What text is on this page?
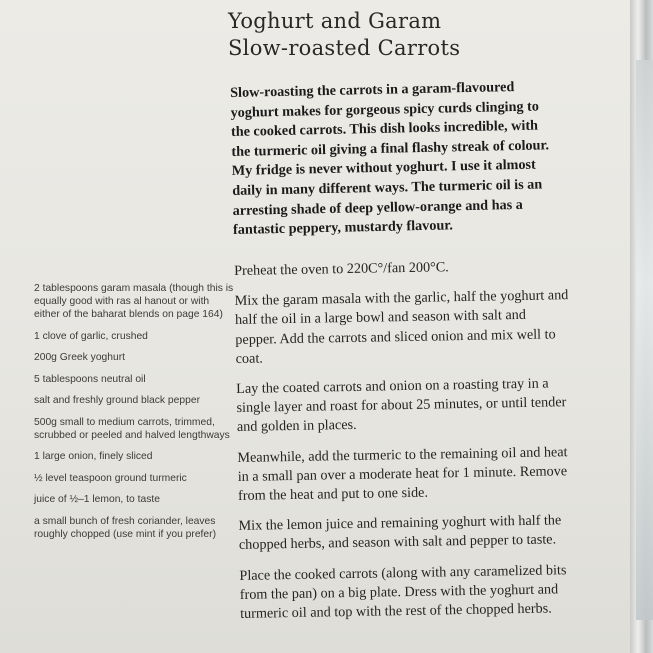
Yoghurt and Garam
Slow-roasted Carrots

Slow-roasting the carrots in a garam-flavoured yoghurt makes for gorgeous spicy curds clinging to the cooked carrots. This dish looks incredible, with the turmeric oil giving a final flashy streak of colour. My fridge is never without yoghurt. I use it almost daily in many different ways. The turmeric oil is an arresting shade of deep yellow-orange and has a fantastic peppery, mustardy flavour.

2 tablespoons garam masala (though this is equally good with ras al hanout or with either of the baharat blends on page 164)
1 clove of garlic, crushed
200g Greek yoghurt
5 tablespoons neutral oil
salt and freshly ground black pepper
500g small to medium carrots, trimmed, scrubbed or peeled and halved lengthways
1 large onion, finely sliced
½ level teaspoon ground turmeric
juice of ½–1 lemon, to taste
a small bunch of fresh coriander, leaves roughly chopped (use mint if you prefer)

Preheat the oven to 220C°/fan 200°C.

Mix the garam masala with the garlic, half the yoghurt and half the oil in a large bowl and season with salt and pepper. Add the carrots and sliced onion and mix well to coat.

Lay the coated carrots and onion on a roasting tray in a single layer and roast for about 25 minutes, or until tender and golden in places.

Meanwhile, add the turmeric to the remaining oil and heat in a small pan over a moderate heat for 1 minute. Remove from the heat and put to one side.

Mix the lemon juice and remaining yoghurt with half the chopped herbs, and season with salt and pepper to taste.

Place the cooked carrots (along with any caramelized bits from the pan) on a big plate. Dress with the yoghurt and turmeric oil and top with the rest of the chopped herbs.
